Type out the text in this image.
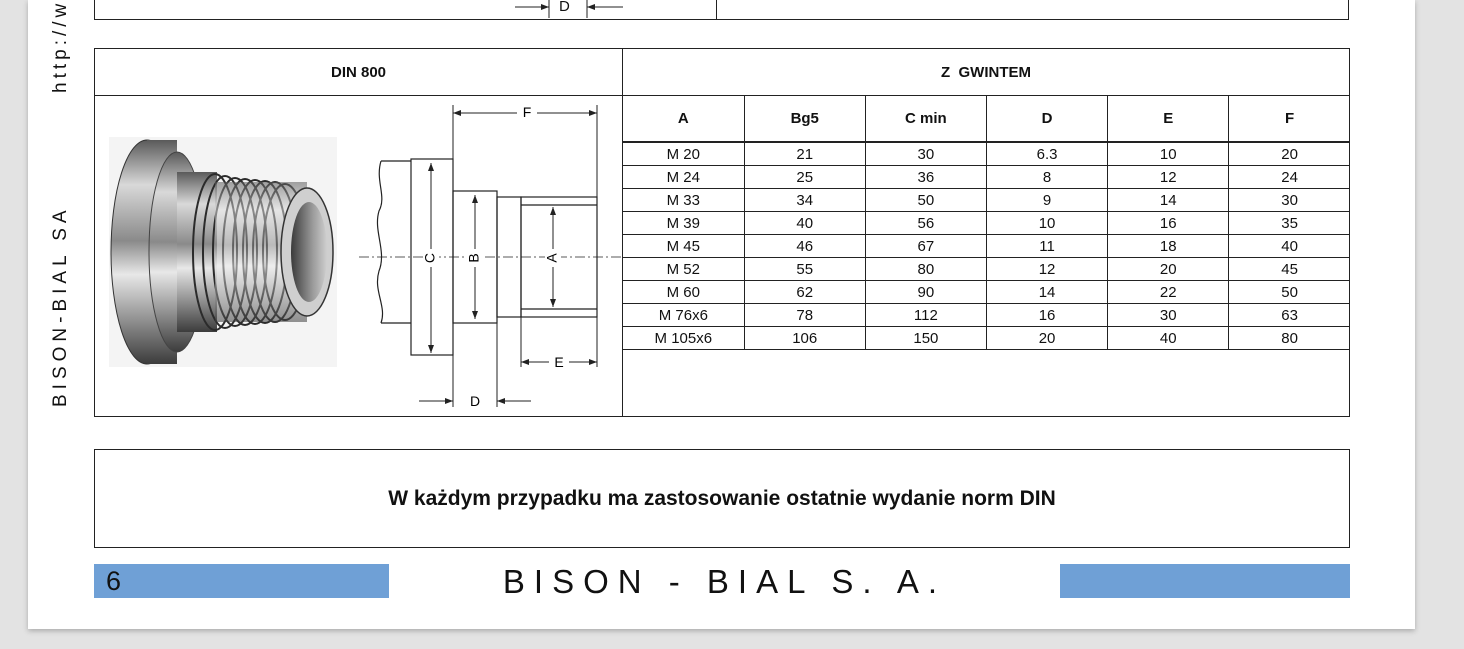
http://w
BISON-BIAL SA
D
DIN 800	Z  GWINTEM
F
C B	A
E
D
A	Bg5	C min	D	E	F
M 20	21	30	6.3	10	20
M 24	25	36	8	12	24
M 33	34	50	9	14	30
M 39	40	56	10	16	35
M 45	46	67	11	18	40
M 52	55	80	12	20	45
M 60	62	90	14	22	50
M 76x6	78	112	16	30	63
M 105x6	106	150	20	40	80
W każdym przypadku ma zastosowanie ostatnie wydanie norm DIN
6	BISON - BIAL S. A.
